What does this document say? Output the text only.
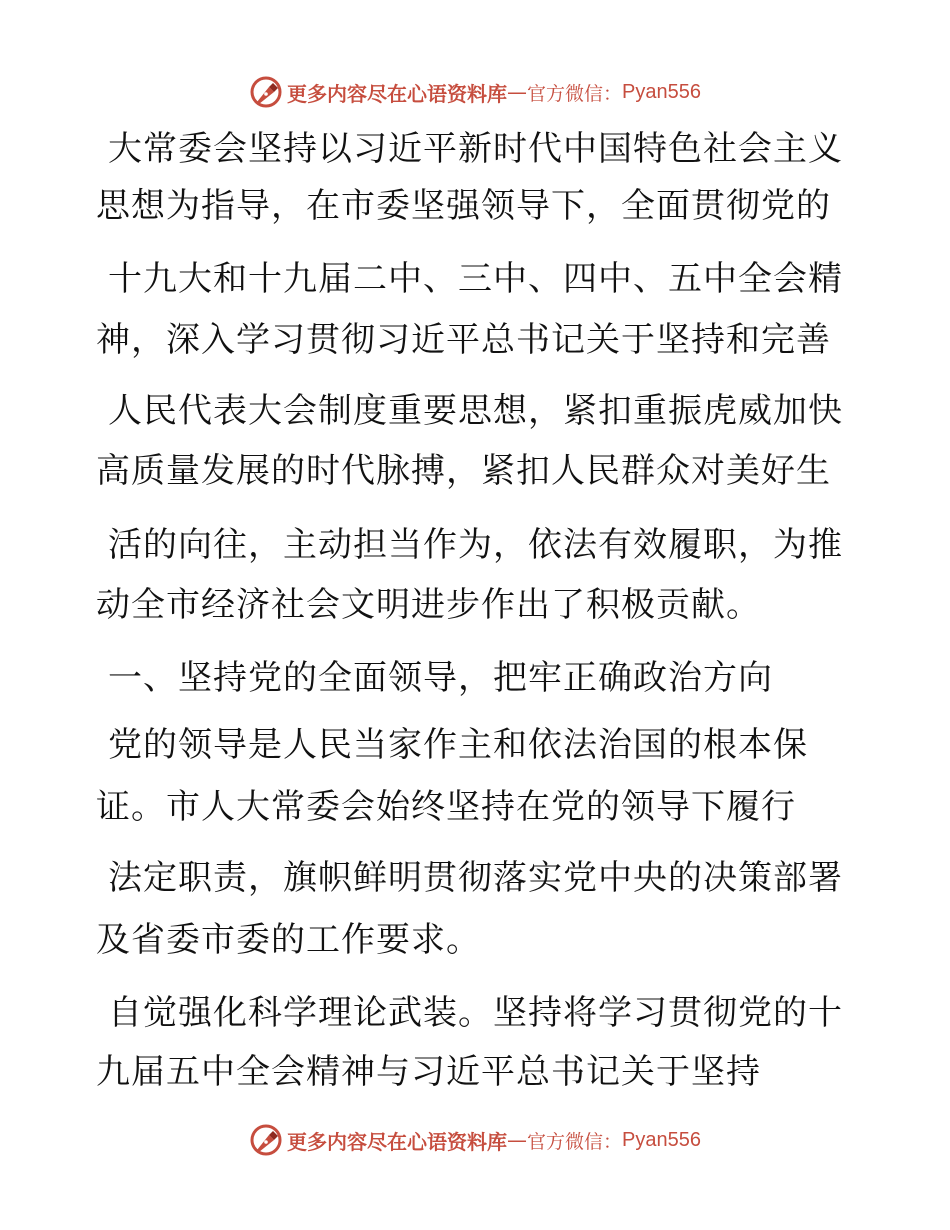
更多内容尽在心语资料库 — 官方微信： Pyan556
大常委会坚持以习近平新时代中国特色社会主义
思想为指导，在市委坚强领导下，全面贯彻党的
十九大和十九届二中、三中、四中、五中全会精
神，深入学习贯彻习近平总书记关于坚持和完善
人民代表大会制度重要思想，紧扣重振虎威加快
高质量发展的时代脉搏，紧扣人民群众对美好生
活的向往，主动担当作为，依法有效履职，为推
动全市经济社会文明进步作出了积极贡献。
一、坚持党的全面领导，把牢正确政治方向
党的领导是人民当家作主和依法治国的根本保
证。市人大常委会始终坚持在党的领导下履行
法定职责，旗帜鲜明贯彻落实党中央的决策部署
及省委市委的工作要求。
自觉强化科学理论武装。坚持将学习贯彻党的十
九届五中全会精神与习近平总书记关于坚持
更多内容尽在心语资料库 — 官方微信： Pyan556
